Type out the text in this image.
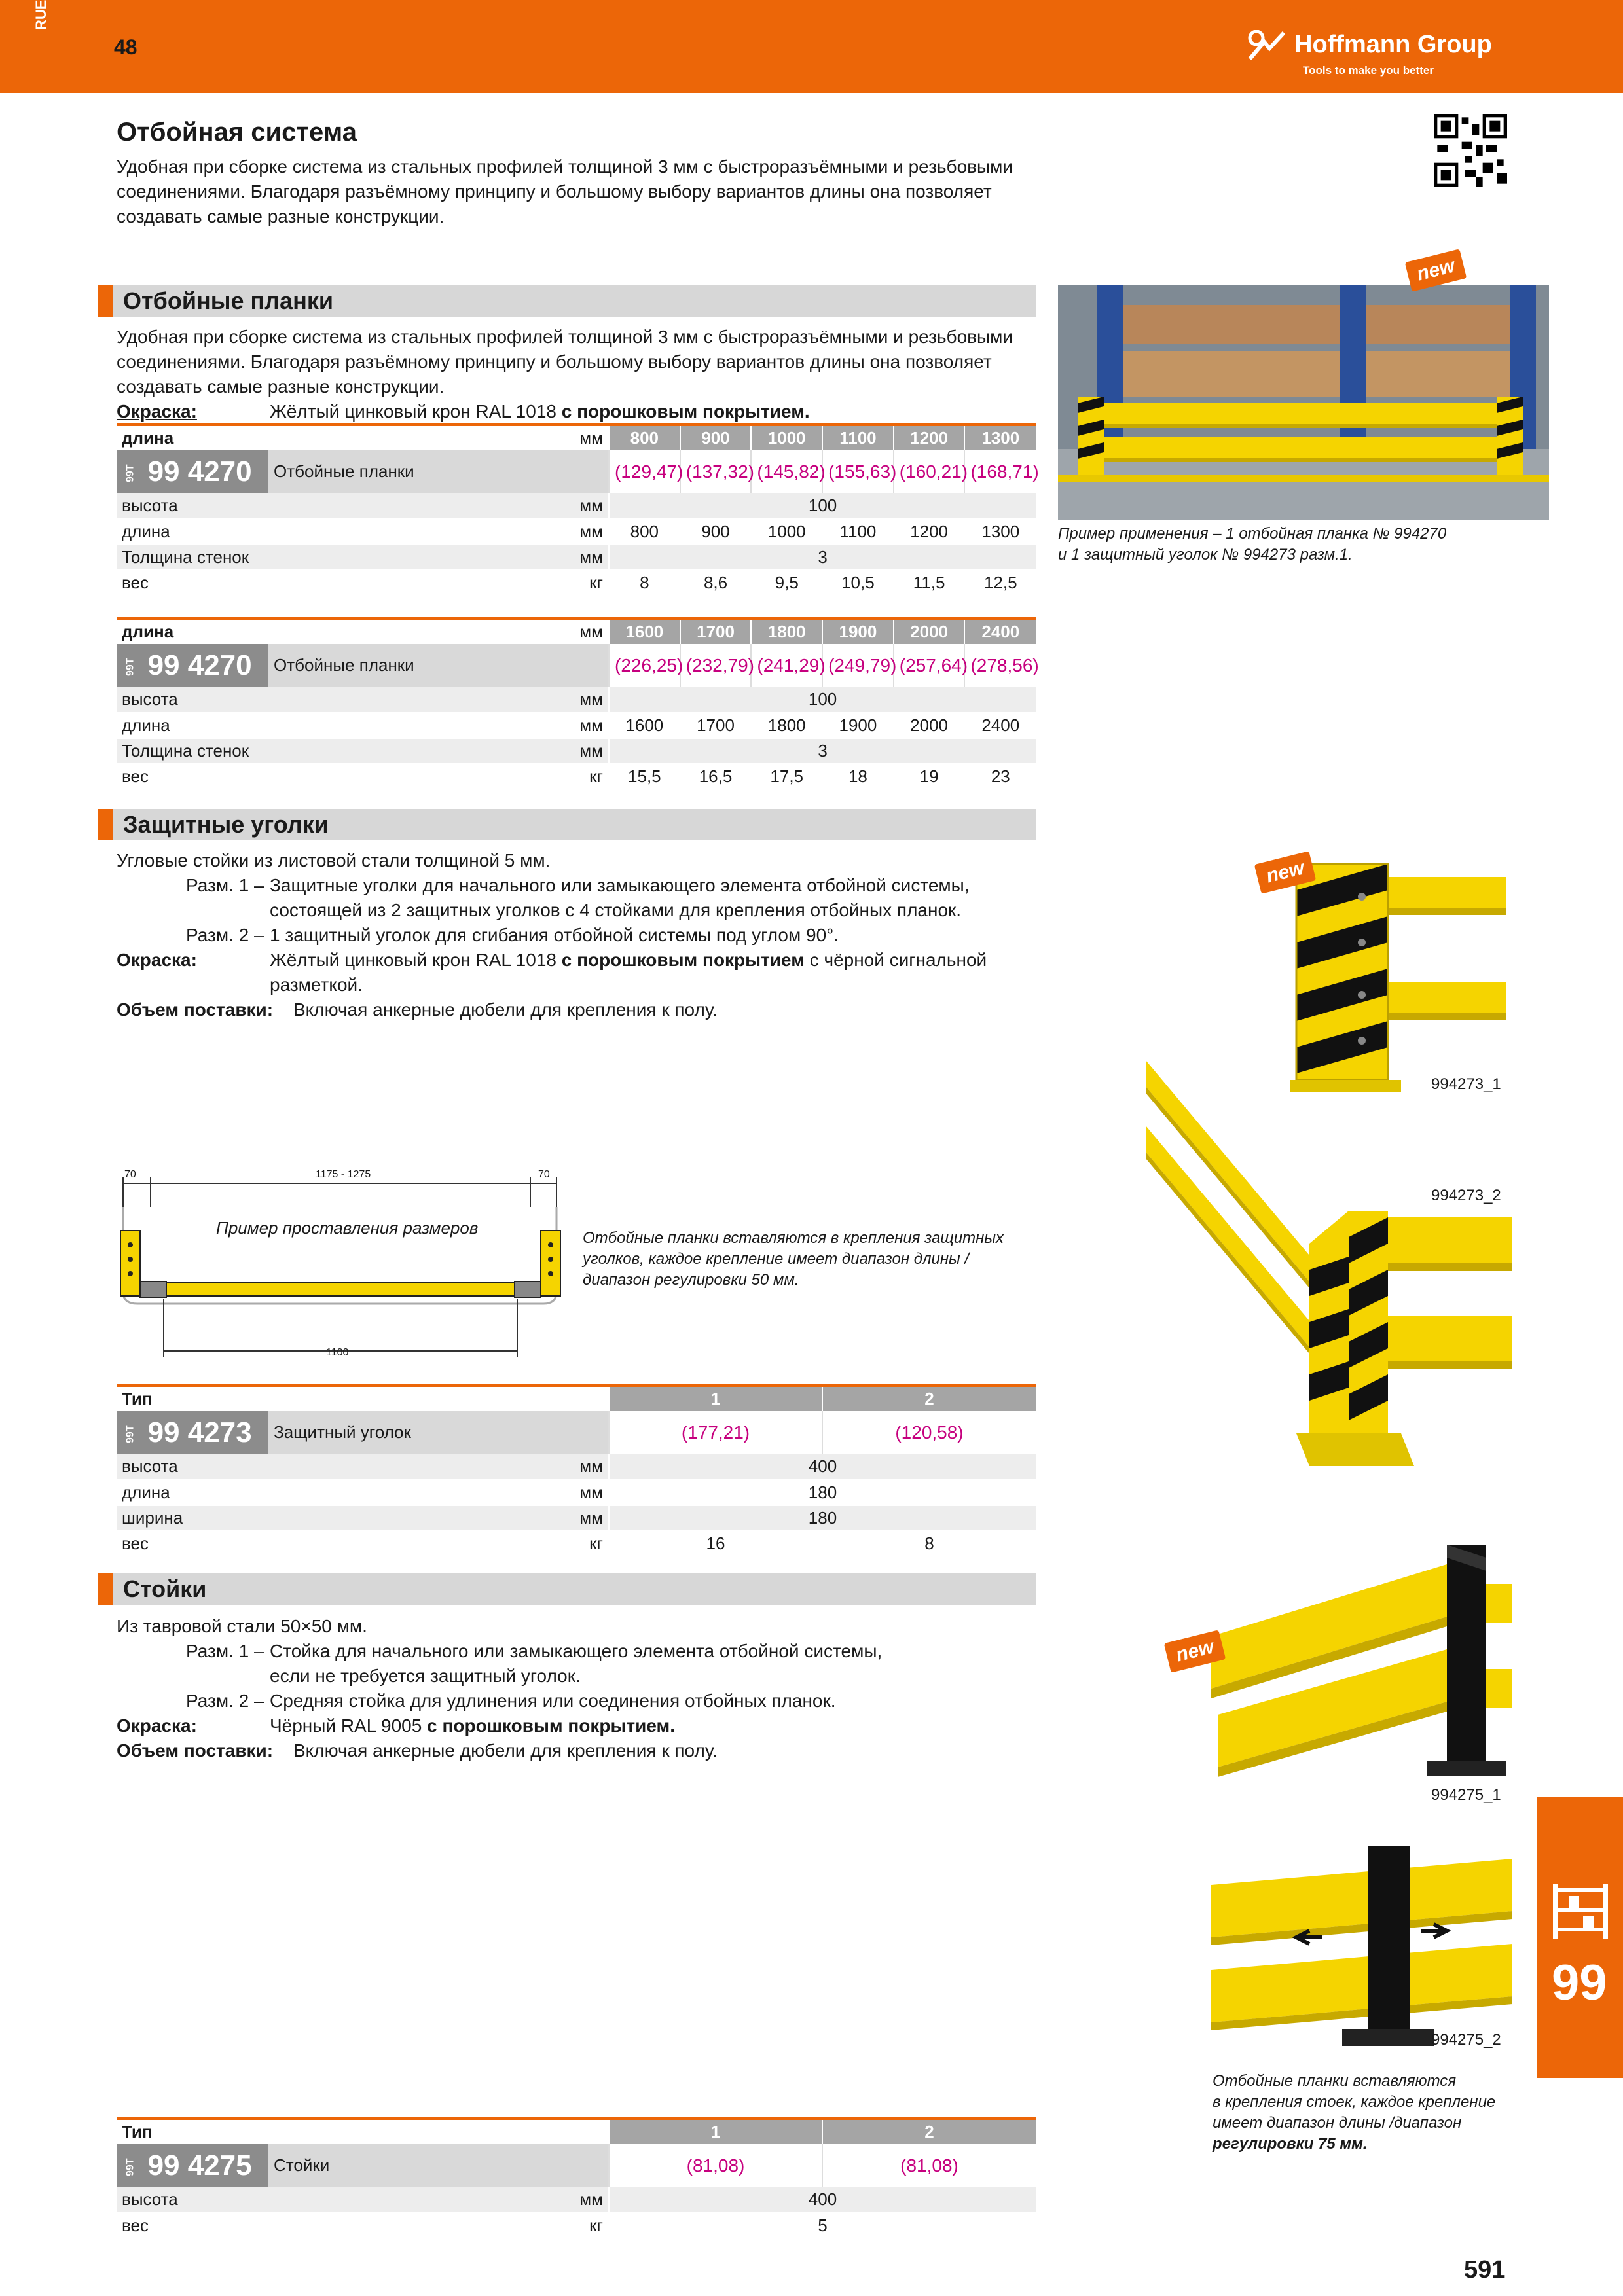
RUE
48	Hoffmann Group
Tools to make you better
Отбойная система
Удобная при сборке система из стальных профилей толщиной 3 мм с быстроразъёмными и резьбовыми
соединениями. Благодаря разъёмному принципу и большому выбору вариантов длины она позволяет
создавать самые разные конструкции.
Отбойные планки
Удобная при сборке система из стальных профилей толщиной 3 мм с быстроразъёмными и резьбовыми
соединениями. Благодаря разъёмному принципу и большому выбору вариантов длины она позволяет
создавать самые разные конструкции.
Окраска:	Жёлтый цинковый крон RAL 1018 с порошковым покрытием.
длина		мм	800	900	1000	1100	1200	1300
99T 99 4270	Отбойные планки		(129,47)	(137,32)	(145,82)	(155,63)	(160,21)	(168,71)
высота		мм	100					
длина		мм	800	900	1000	1100	1200	1300
Толщина стенок		мм	3					
вес		кг	8	8,6	9,5	10,5	11,5	12,5
длина		мм	1600	1700	1800	1900	2000	2400
99T 99 4270	Отбойные планки		(226,25)	(232,79)	(241,29)	(249,79)	(257,64)	(278,56)
высота		мм	100					
длина		мм	1600	1700	1800	1900	2000	2400
Толщина стенок		мм	3					
вес		кг	15,5	16,5	17,5	18	19	23
new
Пример применения – 1 отбойная планка № 994270
и 1 защитный уголок № 994273 разм.1.
Защитные уголки
Угловые стойки из листовой стали толщиной 5 мм.
Разм. 1 – Защитные уголки для начального или замыкающего элемента отбойной системы,
состоящей из 2 защитных уголков с 4 стойками для крепления отбойных планок.
Разм. 2 – 1 защитный уголок для сгибания отбойной системы под углом 90°.
Окраска:	Жёлтый цинковый крон RAL 1018 с порошковым покрытием с чёрной сигнальной
разметкой.
Объем поставки: Включая анкерные дюбели для крепления к полу.
70	1175 - 1275	70
Пример проставления размеров
1100
Отбойные планки вставляются в крепления защитных
уголков, каждое крепление имеет диапазон длины /
диапазон регулировки 50 мм.
new
994273_1
994273_2
Тип			1	2
99T 99 4273	Защитный уголок		(177,21)	(120,58)
высота		мм	400	
длина		мм	180	
ширина		мм	180	
вес		кг	16	8
Стойки
Из тавровой стали 50×50 мм.
Разм. 1 – Стойка для начального или замыкающего элемента отбойной системы,
если не требуется защитный уголок.
Разм. 2 – Средняя стойка для удлинения или соединения отбойных планок.
Окраска:	Чёрный RAL 9005 с порошковым покрытием.
Объем поставки: Включая анкерные дюбели для крепления к полу.
new
994275_1
994275_2
Отбойные планки вставляются
в крепления стоек, каждое крепление
имеет диапазон длины /диапазон
регулировки 75 мм.
Тип			1	2
99T 99 4275	Стойки		(81,08)	(81,08)
высота		мм	400	
вес		кг	5	
99
591
